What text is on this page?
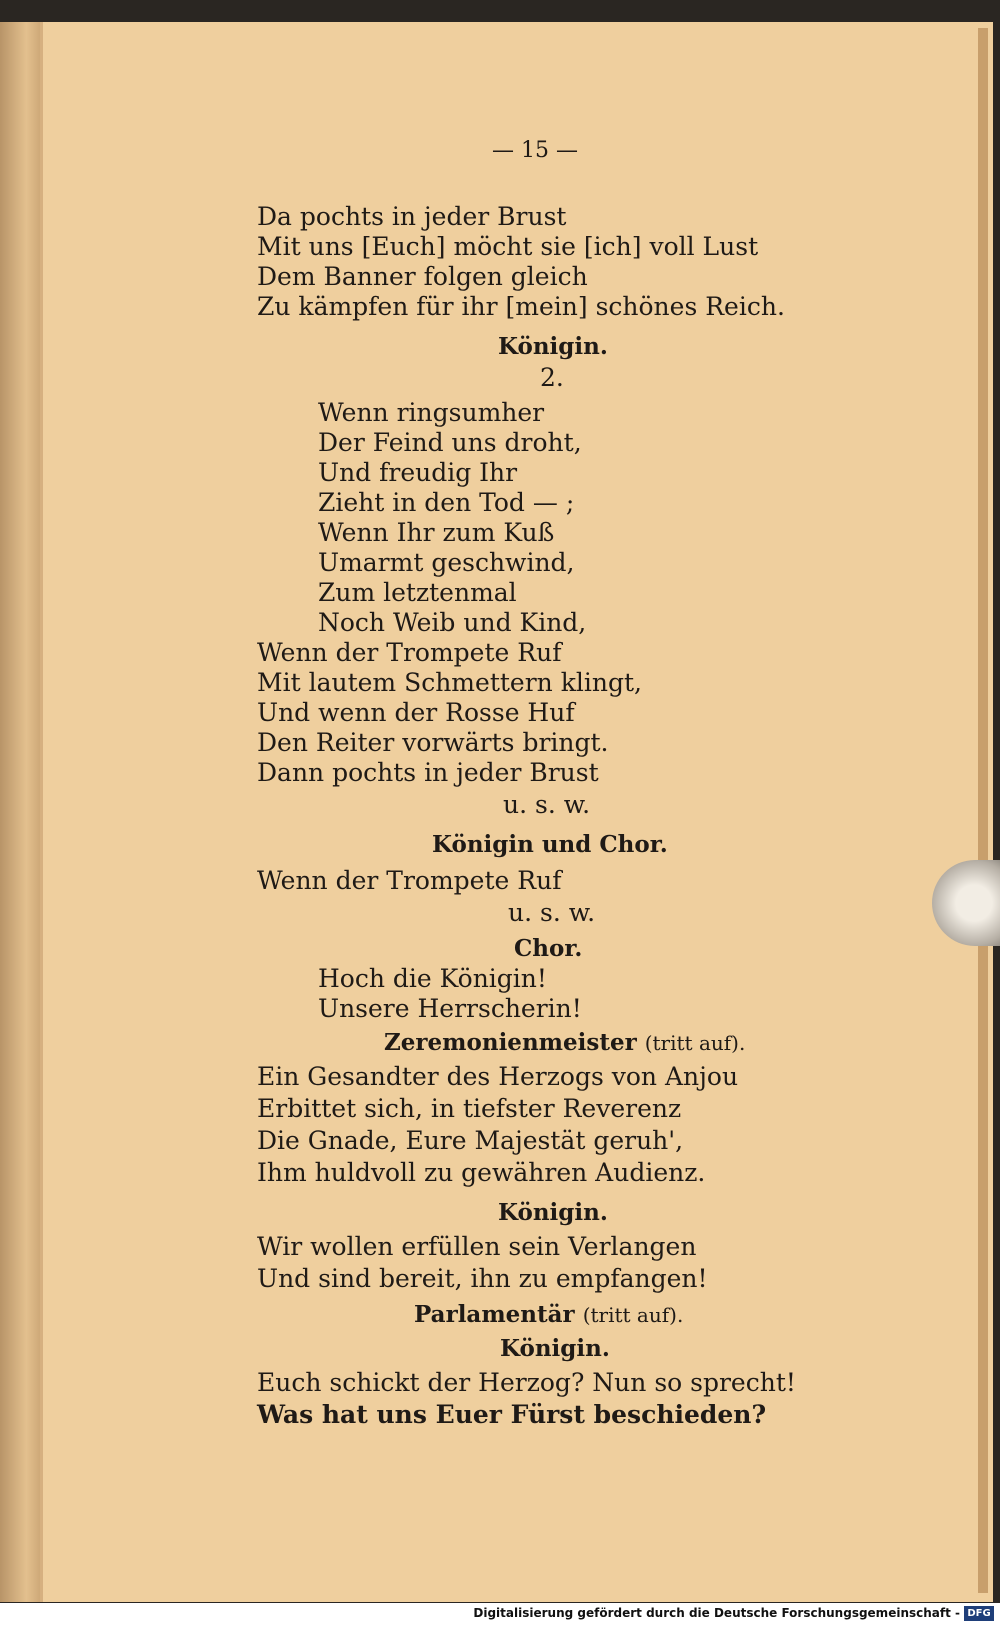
— 15 —
Da pochts in jeder Brust
Mit uns [Euch] möcht sie [ich] voll Lust
Dem Banner folgen gleich
Zu kämpfen für ihr [mein] schönes Reich.
Königin.
2.
Wenn ringsumher
Der Feind uns droht,
Und freudig Ihr
Zieht in den Tod — ;
Wenn Ihr zum Kuß
Umarmt geschwind,
Zum letztenmal
Noch Weib und Kind,
Wenn der Trompete Ruf
Mit lautem Schmettern klingt,
Und wenn der Rosse Huf
Den Reiter vorwärts bringt.
Dann pochts in jeder Brust
u. s. w.
Königin und Chor.
Wenn der Trompete Ruf
u. s. w.
Chor.
Hoch die Königin!
Unsere Herrscherin!
Zeremonienmeister (tritt auf).
Ein Gesandter des Herzogs von Anjou
Erbittet sich, in tiefster Reverenz
Die Gnade, Eure Majestät geruh',
Ihm huldvoll zu gewähren Audienz.
Königin.
Wir wollen erfüllen sein Verlangen
Und sind bereit, ihn zu empfangen!
Parlamentär (tritt auf).
Königin.
Euch schickt der Herzog? Nun so sprecht!
Was hat uns Euer Fürst beschieden?
Digitalisierung gefördert durch die Deutsche Forschungsgemeinschaft - DFG
